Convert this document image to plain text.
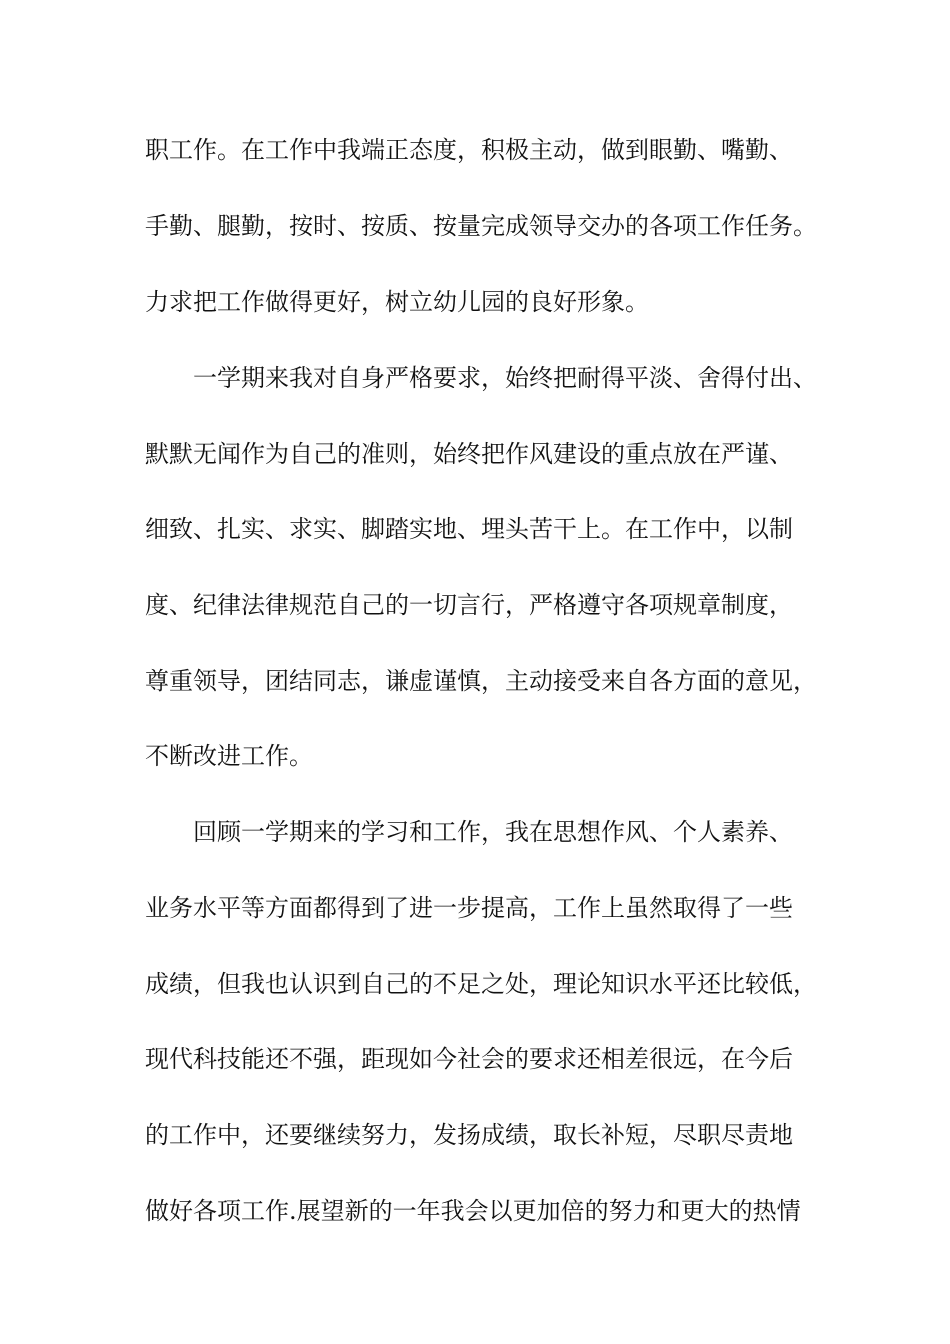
职工作。在工作中我端正态度，积极主动，做到眼勤、嘴勤、
手勤、腿勤，按时、按质、按量完成领导交办的各项工作任务。
力求把工作做得更好，树立幼儿园的良好形象。
一学期来我对自身严格要求，始终把耐得平淡、舍得付出、
默默无闻作为自己的准则，始终把作风建设的重点放在严谨、
细致、扎实、求实、脚踏实地、埋头苦干上。在工作中，以制
度、纪律法律规范自己的一切言行，严格遵守各项规章制度，
尊重领导，团结同志，谦虚谨慎，主动接受来自各方面的意见，
不断改进工作。
回顾一学期来的学习和工作，我在思想作风、个人素养、
业务水平等方面都得到了进一步提高，工作上虽然取得了一些
成绩，但我也认识到自己的不足之处，理论知识水平还比较低，
现代科技能还不强，距现如今社会的要求还相差很远，在今后
的工作中，还要继续努力，发扬成绩，取长补短，尽职尽责地
做好各项工作.展望新的一年我会以更加倍的努力和更大的热情
